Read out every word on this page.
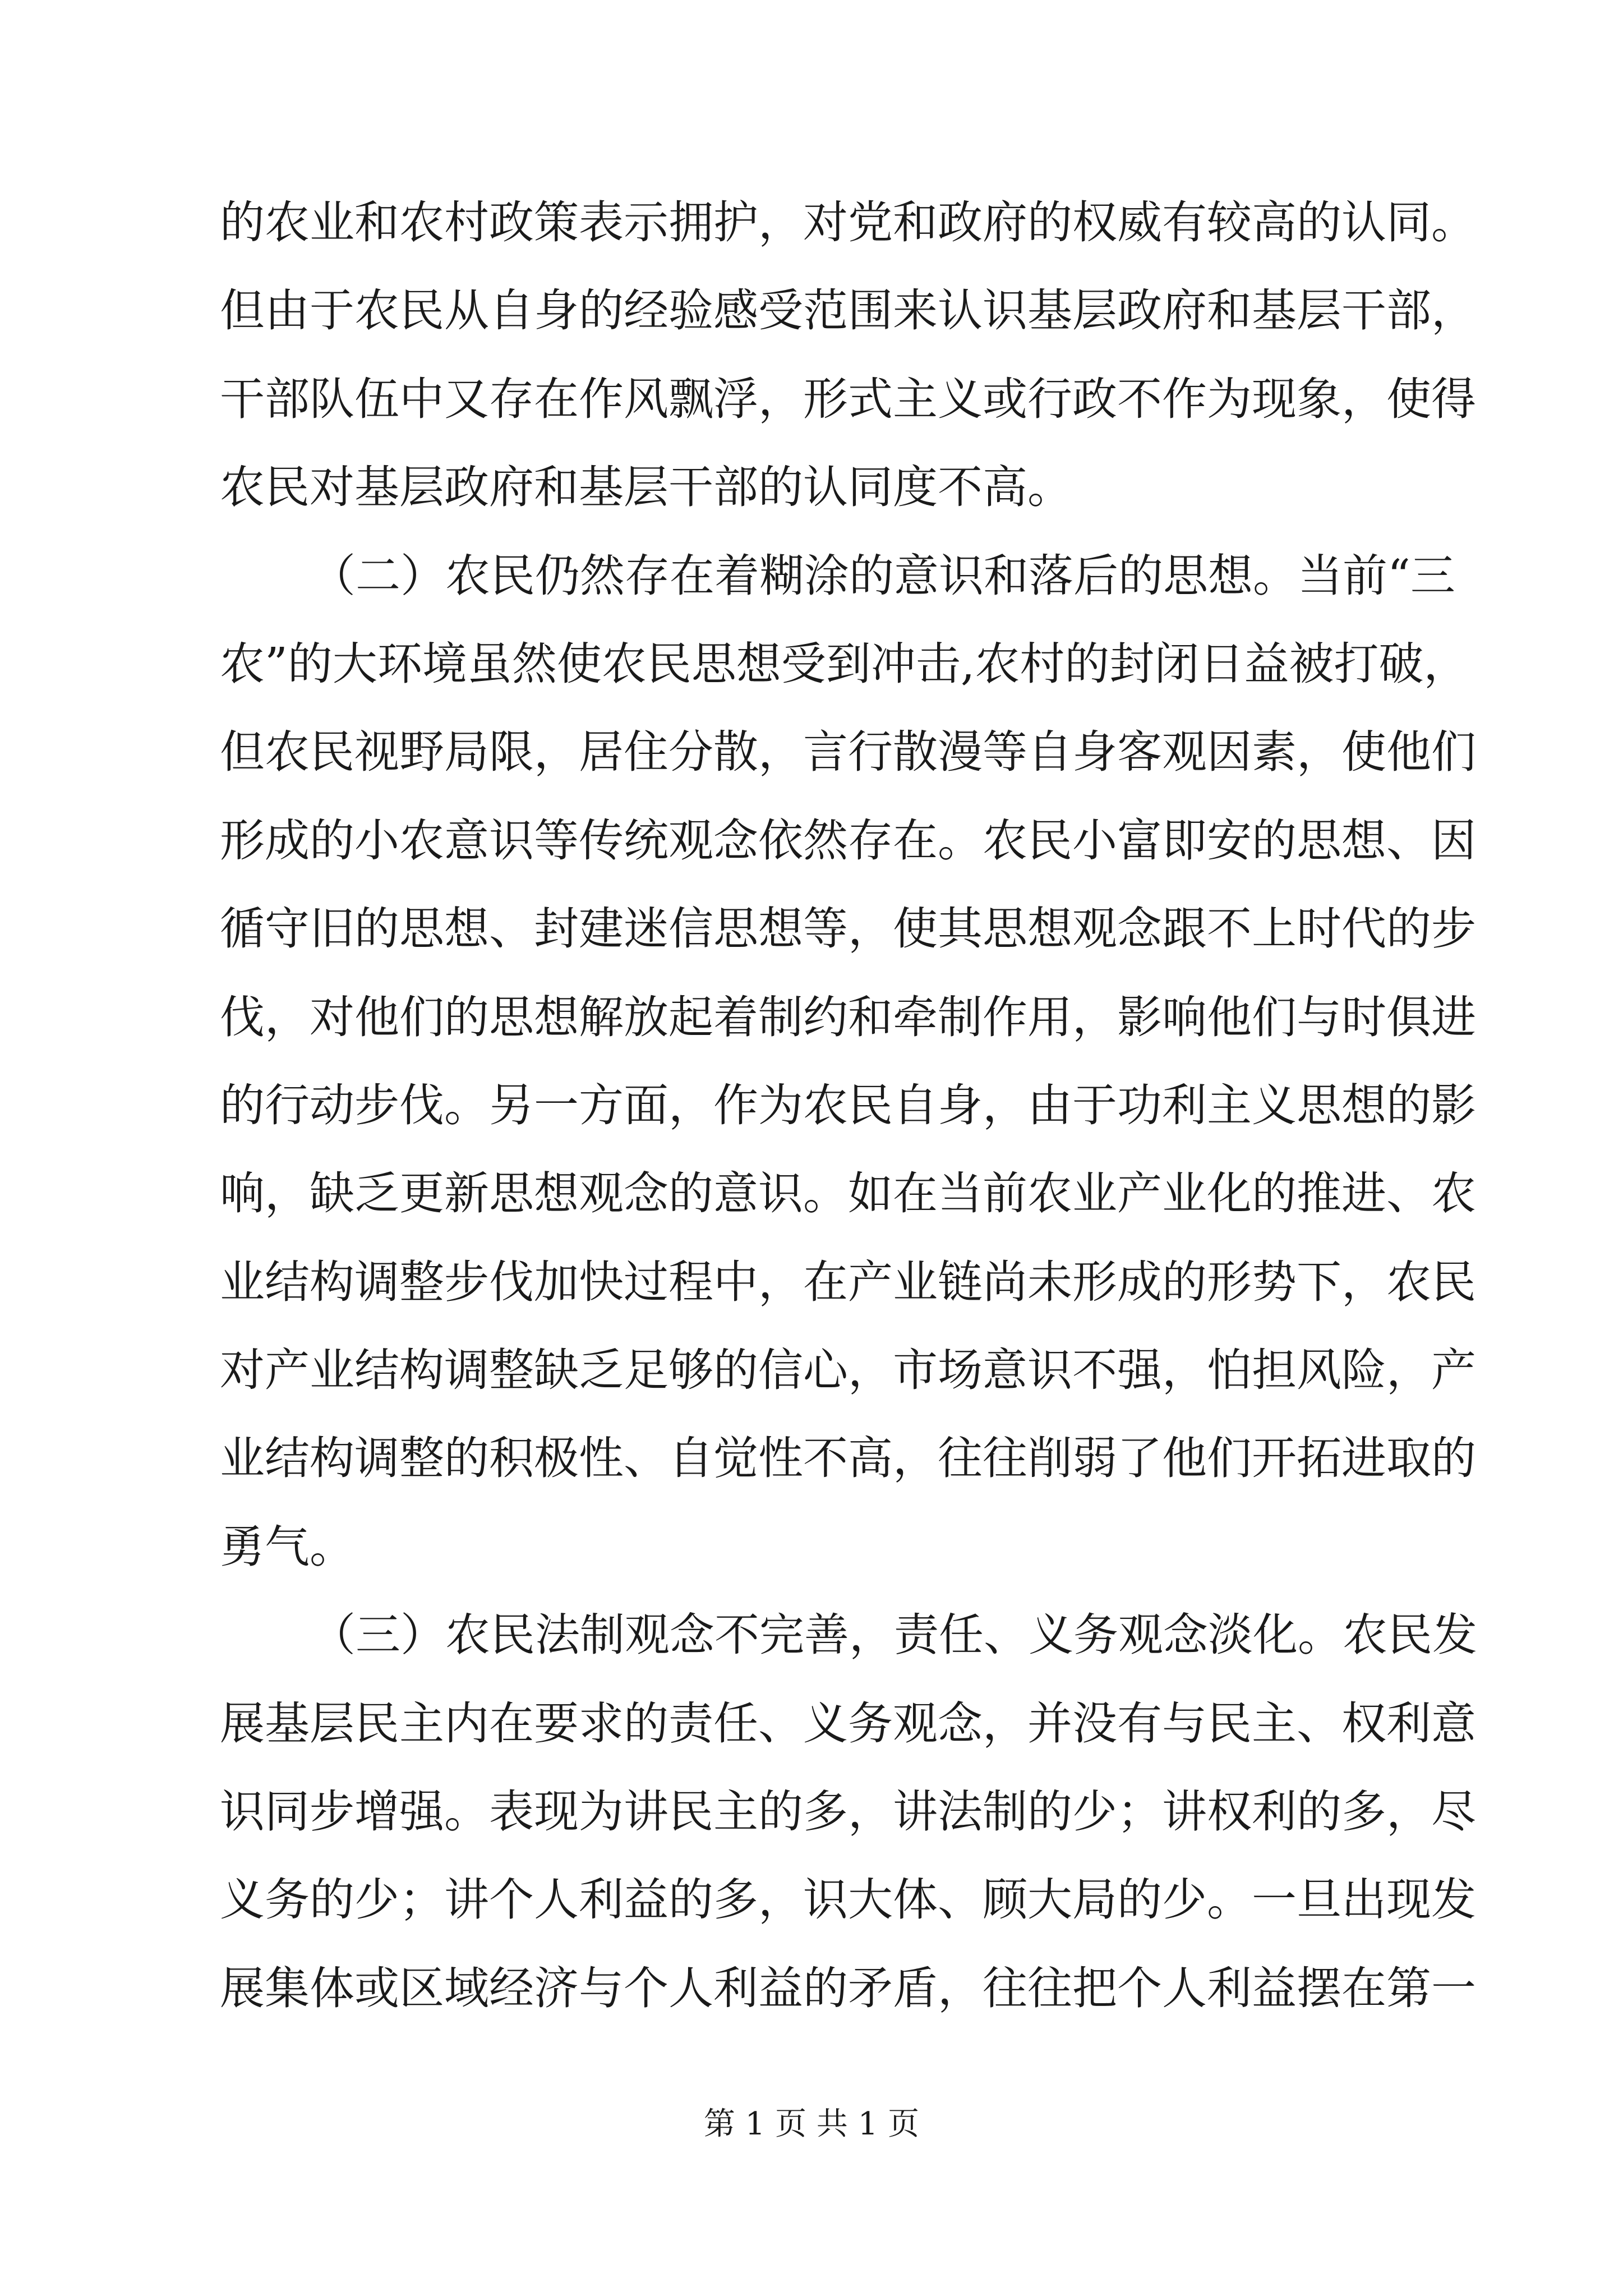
的农业和农村政策表示拥护，对党和政府的权威有较高的认同。
但由于农民从自身的经验感受范围来认识基层政府和基层干部，
干部队伍中又存在作风飘浮，形式主义或行政不作为现象，使得
农民对基层政府和基层干部的认同度不高。
（二）农民仍然存在着糊涂的意识和落后的思想。当前“三
农”的大环境虽然使农民思想受到冲击,农村的封闭日益被打破，
但农民视野局限，居住分散，言行散漫等自身客观因素，使他们
形成的小农意识等传统观念依然存在。农民小富即安的思想、因
循守旧的思想、封建迷信思想等，使其思想观念跟不上时代的步
伐，对他们的思想解放起着制约和牵制作用，影响他们与时俱进
的行动步伐。另一方面，作为农民自身，由于功利主义思想的影
响，缺乏更新思想观念的意识。如在当前农业产业化的推进、农
业结构调整步伐加快过程中，在产业链尚未形成的形势下，农民
对产业结构调整缺乏足够的信心，市场意识不强，怕担风险，产
业结构调整的积极性、自觉性不高，往往削弱了他们开拓进取的
勇气。
（三）农民法制观念不完善，责任、义务观念淡化。农民发
展基层民主内在要求的责任、义务观念，并没有与民主、权利意
识同步增强。表现为讲民主的多，讲法制的少；讲权利的多，尽
义务的少；讲个人利益的多，识大体、顾大局的少。一旦出现发
展集体或区域经济与个人利益的矛盾，往往把个人利益摆在第一
第 1 页 共 1 页
